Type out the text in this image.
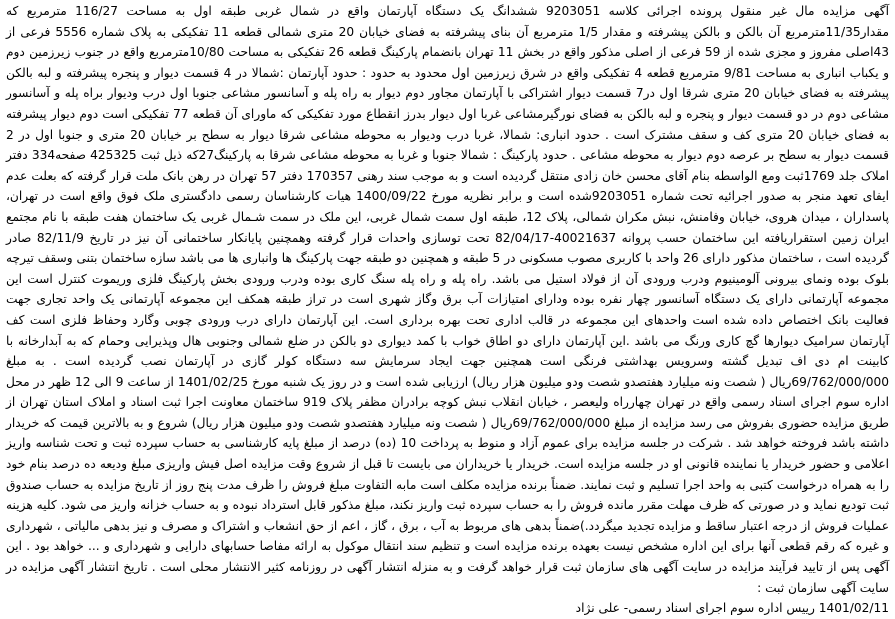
آگهی مزایده مال غیر منقول پرونده اجرائی کلاسه 9203051 ششدانگ یک دستگاه آپارتمان واقع در شمال غربی طبقه اول به مساحت 116/27 مترمربع که مقدار11/35مترمربع آن بالکن و بالکن پیشرفته و مقدار 1/5 مترمربع آن بنای پیشرفته به فضای خیابان 20 متری شمالی قطعه 11 تفکیکی به پلاک شماره 5556 فرعی از 43اصلی مفروز و مجزی شده از 59 فرعی از اصلی مذکور واقع در بخش 11 تهران بانضمام پارکینگ قطعه 26 تفکیکی به مساحت 10/80مترمربع واقع در جنوب زیرزمین دوم و یکباب انباری به مساحت 9/81 مترمربع قطعه 4 تفکیکی واقع در شرق زیرزمین اول محدود به حدود : حدود آپارتمان :شمالا در 4 قسمت دیوار و پنجره پیشرفته و لبه بالکن پیشرفته به فضای خیابان 20 متری شرقا اول در7 قسمت دیوار اشتراکی با آپارتمان مجاور دوم دیوار به راه پله و آسانسور مشاعی جنوبا اول درب ودیوار براه پله و آسانسور مشاعی دوم در دو قسمت دیوار و پنجره و لبه بالکن به فضای نورگیرمشاعی غربا اول دیوار بدرز انقطاع مورد تفکیکی که ماورای آن قطعه 77 تفکیکی است دوم دیوار پیشرفته به فضای خیابان 20 متری کف و سقف مشترک است . حدود انباری: شمالا، غربا درب ودیوار به محوطه مشاعی شرقا دیوار به سطح بر خیابان 20 متری و جنوبا اول در 2 قسمت دیوار به سطح بر عرصه دوم دیوار به محوطه مشاعی . حدود پارکینگ : شمالا جنوبا و غربا به محوطه مشاعی شرقا به پارکینگ27که ذیل ثبت 425325 صفحه334 دفتر املاک جلد 1769ثبت ومع الواسطه بنام آقای محسن خان زادی منتقل گردیده است و به موجب سند رهنی 170357 دفتر 57 تهران در رهن بانک ملت قرار گرفته که بعلت عدم ایفای تعهد منجر به صدور اجرائیه تحت شماره 9203051شده است و برابر نظریه مورخ 1400/09/22 هیات کارشناسان رسمی دادگستری ملک فوق واقع است در تهران، پاسداران ، میدان هروی، خیابان وفامنش، نبش مکران شمالی، پلاک 12، طبقه اول سمت شمال غربی، این ملک در سمت شـمال غربی یک ساختمان هفت طبقه با نام مجتمع ایران زمین استقراریافته این ساختمان حسب پروانه 40021637-82/04/17 تحت توسازی واحدات قرار گرفته وهمچنین پایانکار ساختمانی آن نیز در تاریخ 82/11/9 صادر گردیده است ، ساختمان مذکور دارای 26 واحد با کاربری مصوب مسکونی در 5 طبقه و همچنین دو طبقه جهت پارکینگ ها وانباری ها می باشد سازه ساختمان بتنی وسقف تیرچه بلوک بوده ونمای بیرونی آلومینیوم ودرب ورودی آن از فولاد استیل می باشد. راه پله و راه پله سنگ کاری بوده ودرب ورودی بخش پارکینگ فلزی وریموت کنترل است این مجموعه آپارتمانی دارای یک دستگاه آسانسور چهار نفره بوده ودارای امتیازات آب برق وگاز شهری است در تراز طبقه همکف این مجموعه آپارتمانی یک واحد تجاری جهت فعالیت بانک اختصاص داده شده است واحدهای این مجموعه در قالب اداری تحت بهره برداری است. این آپارتمان دارای درب ورودی چوبی وگارد وحفاظ فلزی است کف آپارتمان سرامیک دیوارها گچ کاری ورنگ می باشد .این آپارتمان دارای دو اطاق خواب با کمد دیواری دو بالکن در ضلع شمالی وجنوبی هال وپذیرایی وحمام که به آبدارخانه با کابینت ام دی اف تبدیل گشته وسرویس بهداشتی فرنگی است همچنین جهت ایجاد سرمایش سه دستگاه کولر گازی در آپارتمان نصب گردیده است . به مبلغ 69/762/000/000ریال ( شصت ونه میلیارد هفتصدو شصت ودو میلیون هزار ریال) ارزیابی شده است و در روز یک شنبه مورخ 1401/02/25 از ساعت 9 الی 12 ظهر در محل اداره سوم اجرای اسناد رسمی واقع در تهران چهارراه ولیعصر ، خیابان انقلاب نبش کوچه برادران مظفر پلاک 919 ساختمان معاونت اجرا ثبت اسناد و املاک استان تهران از طریق مزایده حضوری بفروش می رسد مزایده از مبلغ 69/762/000/000ریال ( شصت ونه میلیارد هفتصدو شصت ودو میلیون هزار ریال) شروع و به بالاترین قیمت که خریدار داشته باشد فروخته خواهد شد . شرکت در جلسه مزایده برای عموم آزاد و منوط به پرداخت 10 (ده) درصد از مبلغ پایه کارشناسی به حساب سپرده ثبت و تحت شناسه واریز اعلامی و حضور خریدار یا نماینده قانونی او در جلسه مزایده است. خریدار یا خریداران می بایست تا قبل از شروع وقت مزایده اصل فیش واریزی مبلغ ودیعه ده درصد بنام خود را به همراه درخواست کتبی به واحد اجرا تسلیم و ثبت نمایند. ضمناً برنده مزایده مکلف است مابه التفاوت مبلغ فروش را ظرف مدت پنج روز از تاریخ مزایده به حساب صندوق ثبت تودیع نماید و در صورتی که ظرف مهلت مقرر مانده فروش را به حساب سپرده ثبت واریز نکند، مبلغ مذکور قابل استرداد نبوده و به حساب خزانه واریز می شود. کلیه هزینه عملیات فروش از درجه اعتبار ساقط و مزایده تجدید میگردد.)ضمناً بدهی های مربوط به آب ، برق ، گاز ، اعم از حق انشعاب و اشتراک و مصرف و نیز بدهی مالیاتی ، شهرداری و غیره که رقم قطعی آنها برای این اداره مشخص نیست بعهده برنده مزایده است و تنظیم سند انتقال موکول به ارائه مفاصا حسابهای دارایی و شهرداری و ... خواهد بود . این آگهی پس از تایید فرآیند مزایده در سایت آگهی های سازمان ثبت قرار خواهد گرفت و به منزله انتشار آگهی در روزنامه کثیر الانتشار محلی است . تاریخ انتشار آگهی مزایده در سایت آگهی سازمان ثبت :
1401/02/11 رییس اداره سوم اجرای اسناد رسمی- علی نژاد
